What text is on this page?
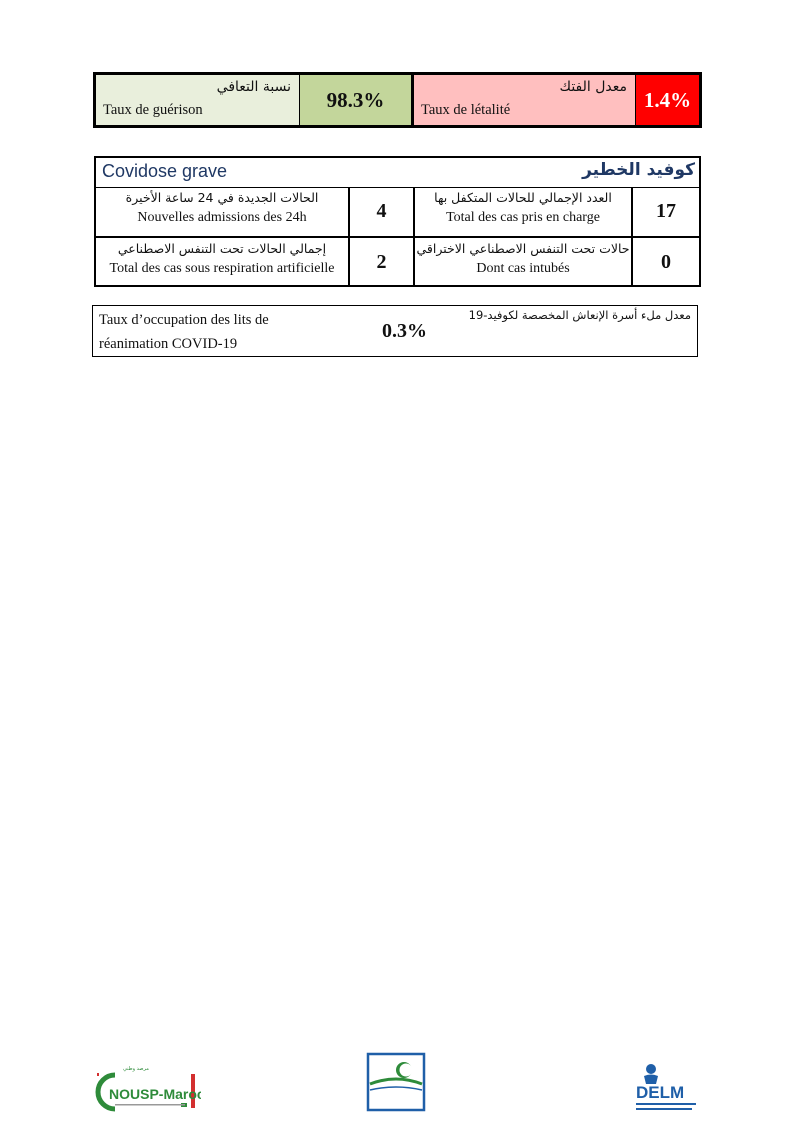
نسبة التعافي
Taux de guérison	98.3%
معدل الفتك
Taux de létalité	1.4%
Covidose grave	كوفيد الخطير
الحالات الجديدة في 24 ساعة الأخيرة
Nouvelles admissions des 24h	4
العدد الإجمالي للحالات المتكفل بها
Total des cas pris en charge	17
إجمالي الحالات تحت التنفس الاصطناعي
Total des cas sous respiration artificielle	2
حالات تحت التنفس الاصطناعي الاختراقي
Dont cas intubés	0
Taux d’occupation des lits de
réanimation COVID-19
0.3%
معدل ملء أسرة الإنعاش المخصصة لكوفيد-19
مرصد وطني
NOUSP-Maroc	DELM
